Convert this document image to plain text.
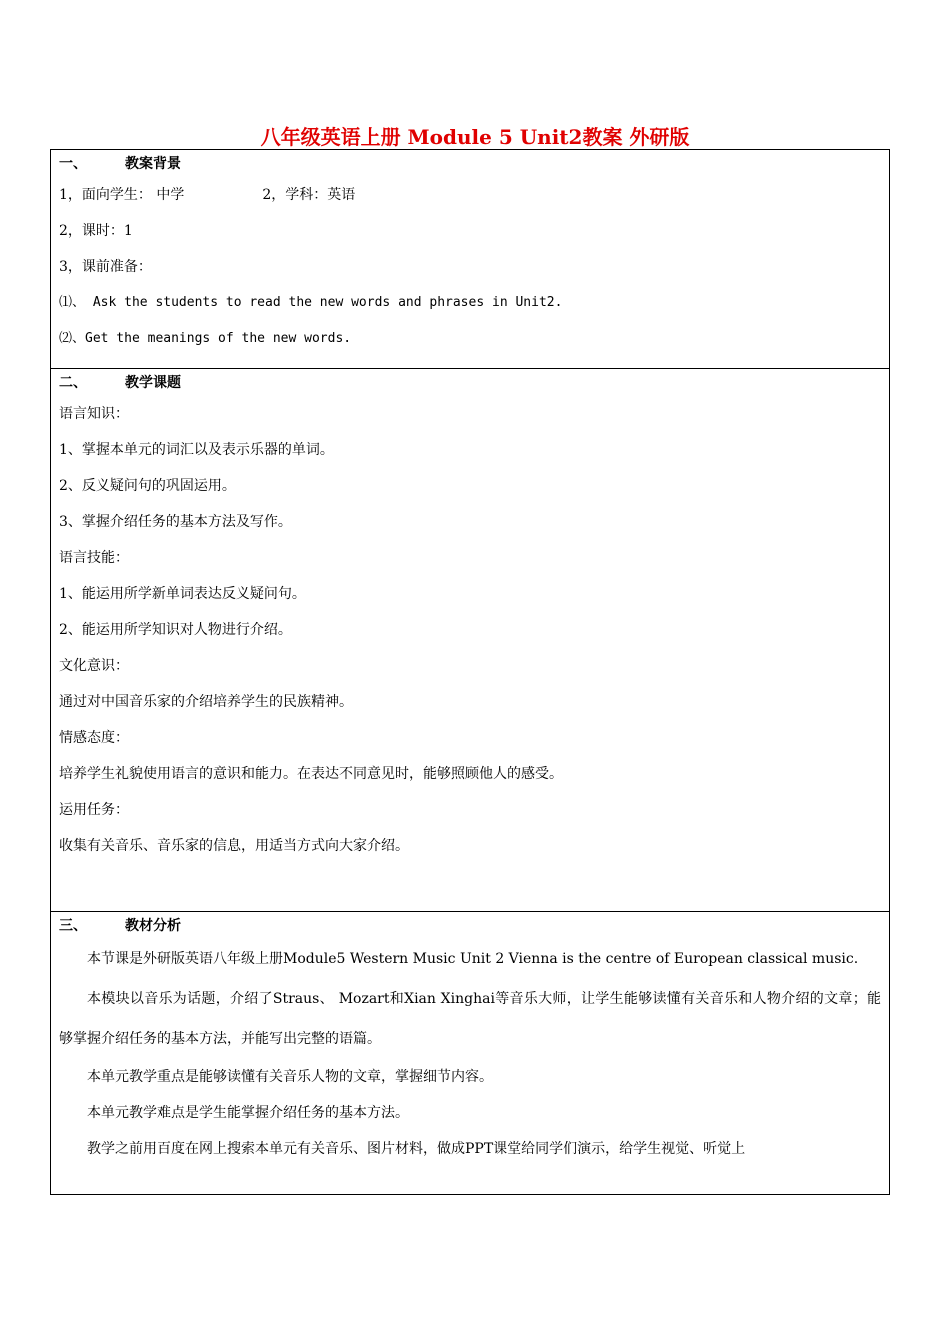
八年级英语上册 Module 5 Unit2教案 外研版
一、	教案背景
1，面向学生： 中学	2，学科：英语
2，课时：1
3，课前准备：
⑴、 Ask the students to read the new words and phrases in Unit2.
⑵、Get the meanings of the new words.
二、	教学课题
语言知识：
1、掌握本单元的词汇以及表示乐器的单词。
2、反义疑问句的巩固运用。
3、掌握介绍任务的基本方法及写作。
语言技能：
1、能运用所学新单词表达反义疑问句。
2、能运用所学知识对人物进行介绍。
文化意识：
通过对中国音乐家的介绍培养学生的民族精神。
情感态度：
培养学生礼貌使用语言的意识和能力。在表达不同意见时，能够照顾他人的感受。
运用任务：
收集有关音乐、音乐家的信息，用适当方式向大家介绍。
三、	教材分析

本节课是外研版英语八年级上册Module5 Western Music Unit 2 Vienna is the centre of European classical music.

本模块以音乐为话题，介绍了Straus、 Mozart和Xian Xinghai等音乐大师，让学生能够读懂有关音乐和人物介绍的文章；能够掌握介绍任务的基本方法，并能写出完整的语篇。

本单元教学重点是能够读懂有关音乐人物的文章，掌握细节内容。

本单元教学难点是学生能掌握介绍任务的基本方法。

教学之前用百度在网上搜索本单元有关音乐、图片材料，做成PPT课堂给同学们演示，给学生视觉、听觉上
